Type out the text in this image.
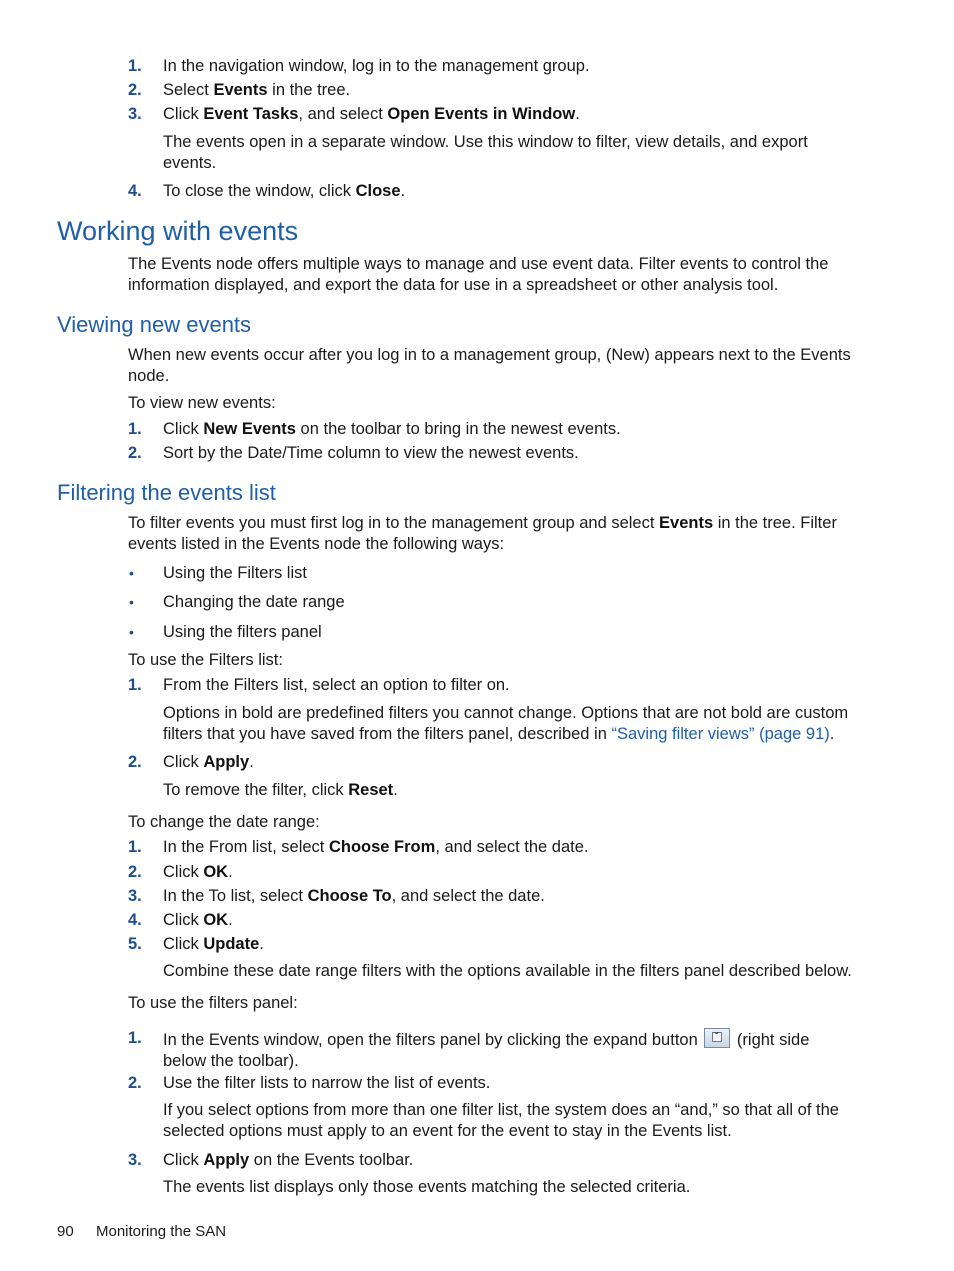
1. In the navigation window, log in to the management group.
2. Select Events in the tree.
3. Click Event Tasks, and select Open Events in Window.
The events open in a separate window. Use this window to filter, view details, and export events.
4. To close the window, click Close.
Working with events
The Events node offers multiple ways to manage and use event data. Filter events to control the information displayed, and export the data for use in a spreadsheet or other analysis tool.
Viewing new events
When new events occur after you log in to a management group, (New) appears next to the Events node.
To view new events:
1. Click New Events on the toolbar to bring in the newest events.
2. Sort by the Date/Time column to view the newest events.
Filtering the events list
To filter events you must first log in to the management group and select Events in the tree. Filter events listed in the Events node the following ways:
• Using the Filters list
• Changing the date range
• Using the filters panel
To use the Filters list:
1. From the Filters list, select an option to filter on.
Options in bold are predefined filters you cannot change. Options that are not bold are custom filters that you have saved from the filters panel, described in “Saving filter views” (page 91).
2. Click Apply.
To remove the filter, click Reset.
To change the date range:
1. In the From list, select Choose From, and select the date.
2. Click OK.
3. In the To list, select Choose To, and select the date.
4. Click OK.
5. Click Update.
Combine these date range filters with the options available in the filters panel described below.
To use the filters panel:
1. In the Events window, open the filters panel by clicking the expand button ˇ (right side below the toolbar).
2. Use the filter lists to narrow the list of events.
If you select options from more than one filter list, the system does an “and,” so that all of the selected options must apply to an event for the event to stay in the Events list.
3. Click Apply on the Events toolbar.
The events list displays only those events matching the selected criteria.
90 Monitoring the SAN
